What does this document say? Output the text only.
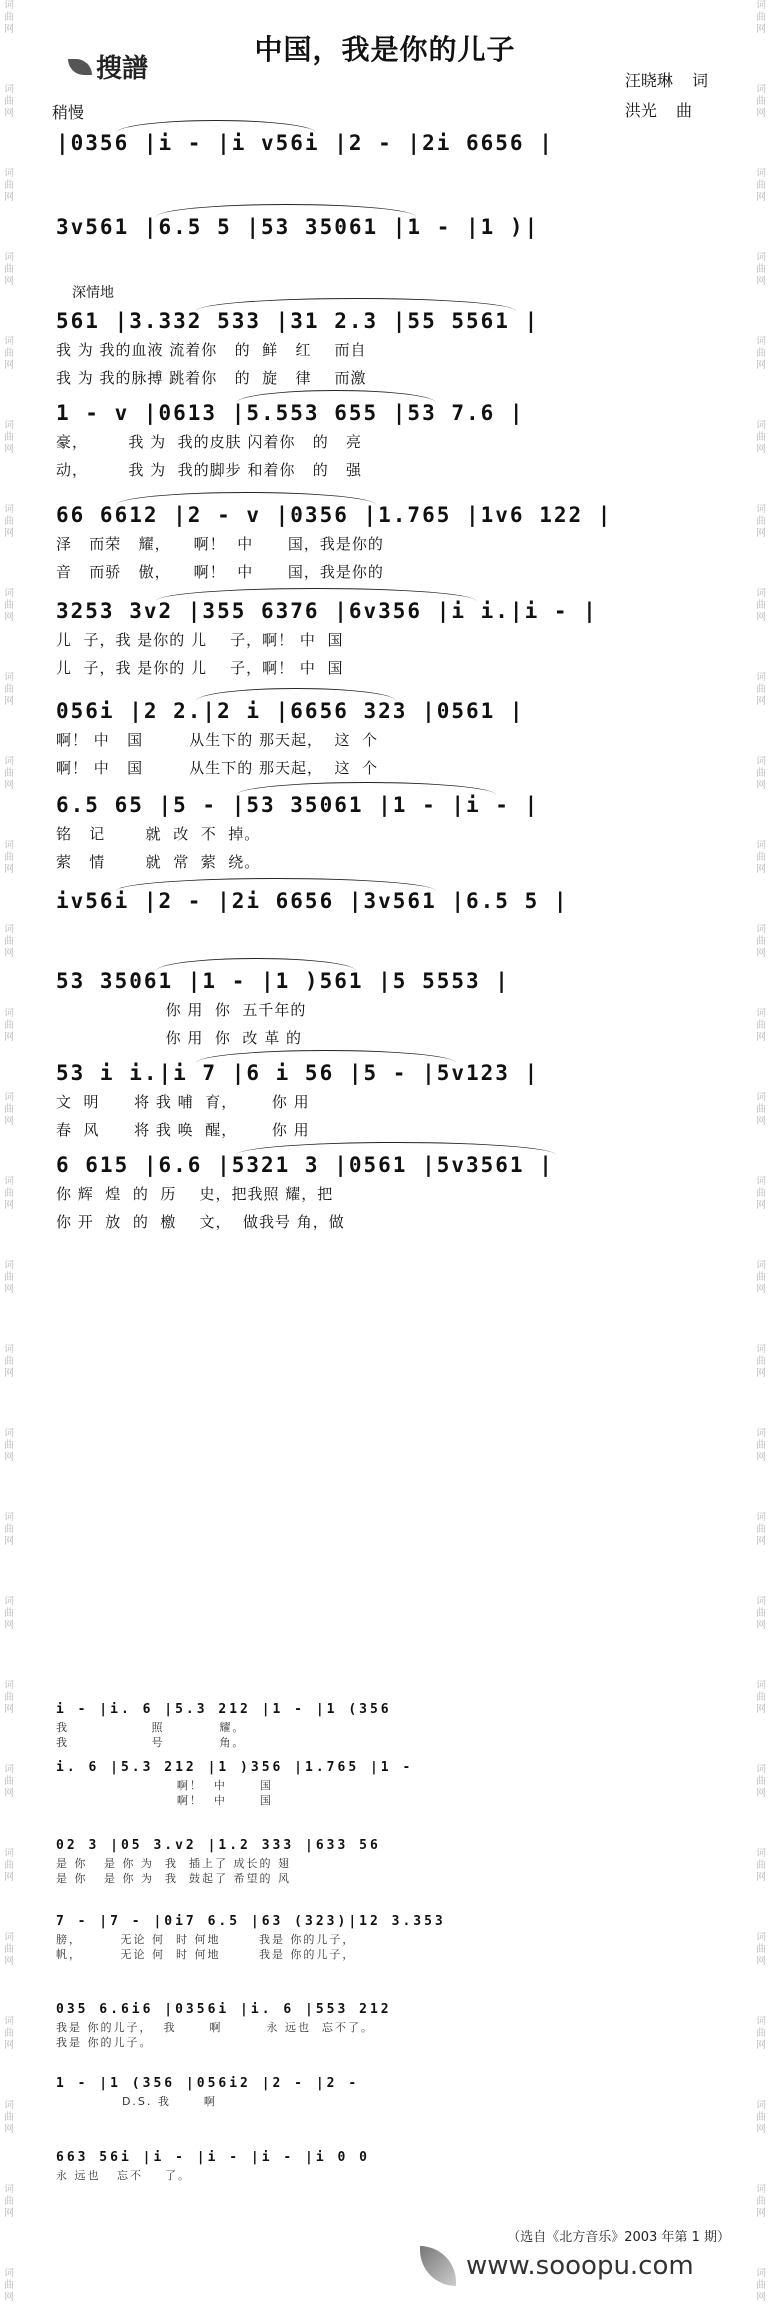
词曲网
词曲网
词曲网
词曲网
词曲网
词曲网
词曲网
词曲网
词曲网
词曲网
词曲网
词曲网
词曲网
词曲网
词曲网
词曲网
词曲网
词曲网
词曲网
词曲网
词曲网
词曲网
词曲网
词曲网
词曲网
词曲网
词曲网
词曲网
词曲网
词曲网
词曲网
词曲网
词曲网
词曲网
词曲网
词曲网
词曲网
词曲网
词曲网
词曲网
词曲网
词曲网
词曲网
词曲网
词曲网
词曲网
词曲网
词曲网
词曲网
词曲网
词曲网
词曲网
词曲网
词曲网
词曲网
词曲网
搜譜
中国，我是你的儿子
汪晓琳 词
洪光 曲
稍慢
深情地
|0356 |i - |i v56i |2 - |2i 6656 |
3v561 |6.5 5 |53 35061 |1 - |1 )|
561 |3.332 533 |31 2.3 |55 5561 |
我 为 我的血液 流着你   的  鲜   红    而自
我 为 我的脉搏 跳着你   的  旋   律    而激
1 - v |0613 |5.553 655 |53 7.6 |
豪，       我 为  我的皮肤 闪着你   的   亮
动，       我 为  我的脚步 和着你   的   强
66 6612 |2 - v |0356 |1.765 |1v6 122 |
泽   而荣   耀，    啊！  中      国，我是你的
音   而骄   傲，    啊！  中      国，我是你的
3253 3v2 |355 6376 |6v356 |i i.|i - |
儿  子，我 是你的 儿    子，啊！ 中  国
儿  子，我 是你的 儿    子，啊！ 中  国
056i |2 2.|2 i |6656 323 |0561 |
啊！ 中   国        从生下的 那天起，  这  个
啊！ 中   国        从生下的 那天起，  这  个
6.5 65 |5 - |53 35061 |1 - |i - |
铭   记       就  改  不  掉。
萦   情       就  常  萦  绕。
iv56i |2 - |2i 6656 |3v561 |6.5 5 |
53 35061 |1 - |1 )561 |5 5553 |
你 用  你  五千年的
你 用  你  改 革 的
53 i i.|i 7 |6 i 56 |5 - |5v123 |
文  明      将 我 哺  育，      你 用
春  风      将 我 唤  醒，      你 用
6 615 |6.6 |5321 3 |0561 |5v3561 |
你 辉  煌  的  历    史，把我照 耀，把
你 开  放  的  檄    文，  做我号 角，做
i - |i. 6 |5.3 212 |1 - |1 (356
我               照          耀。
我               号          角。
i. 6 |5.3 212 |1 )356 |1.765 |1 -
啊！  中      国
啊！  中      国
02 3 |05 3.v2 |1.2 333 |633 56
是 你   是 你 为  我  插上了 成长的 翅
是 你   是 你 为  我  鼓起了 希望的 风
7 - |7 - |0i7 6.5 |63 (323)|12 3.353
膀，       无论 何  时 何地       我是 你的儿子，
帆，       无论 何  时 何地       我是 你的儿子，
035 6.6i6 |0356i |i. 6 |553 212
我是 你的儿子，  我      啊        永 远也  忘不了。
我是 你的儿子。
1 - |1 (356 |056i2 |2 - |2 -
D.S. 我      啊
663 56i |i - |i - |i - |i 0 0
永 远也   忘不    了。
（选自《北方音乐》2003 年第 1 期）
www.sooopu.com
